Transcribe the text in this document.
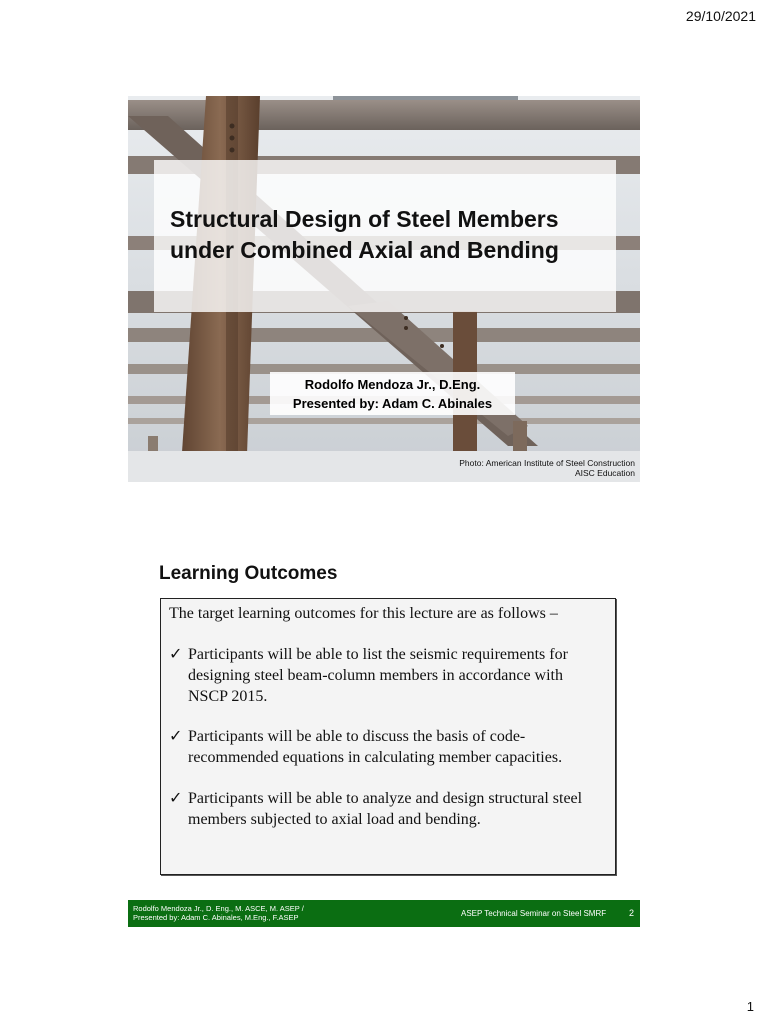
29/10/2021
Structural Design of Steel Members
under Combined Axial and Bending
Rodolfo Mendoza Jr., D.Eng.
Presented by: Adam C. Abinales
Photo: American Institute of Steel Construction
AISC Education
Learning Outcomes
The target learning outcomes for this lecture are as follows –
✓ Participants will be able to list the seismic requirements for
designing steel beam-column members in accordance with
NSCP 2015.
✓ Participants will be able to discuss the basis of code-
recommended equations in calculating member capacities.
✓ Participants will be able to analyze and design structural steel
members subjected to axial load and bending.
Rodolfo Mendoza Jr., D. Eng., M. ASCE, M. ASEP /
Presented by: Adam C. Abinales, M.Eng., F.ASEP	ASEP Technical Seminar on Steel SMRF	2
1
